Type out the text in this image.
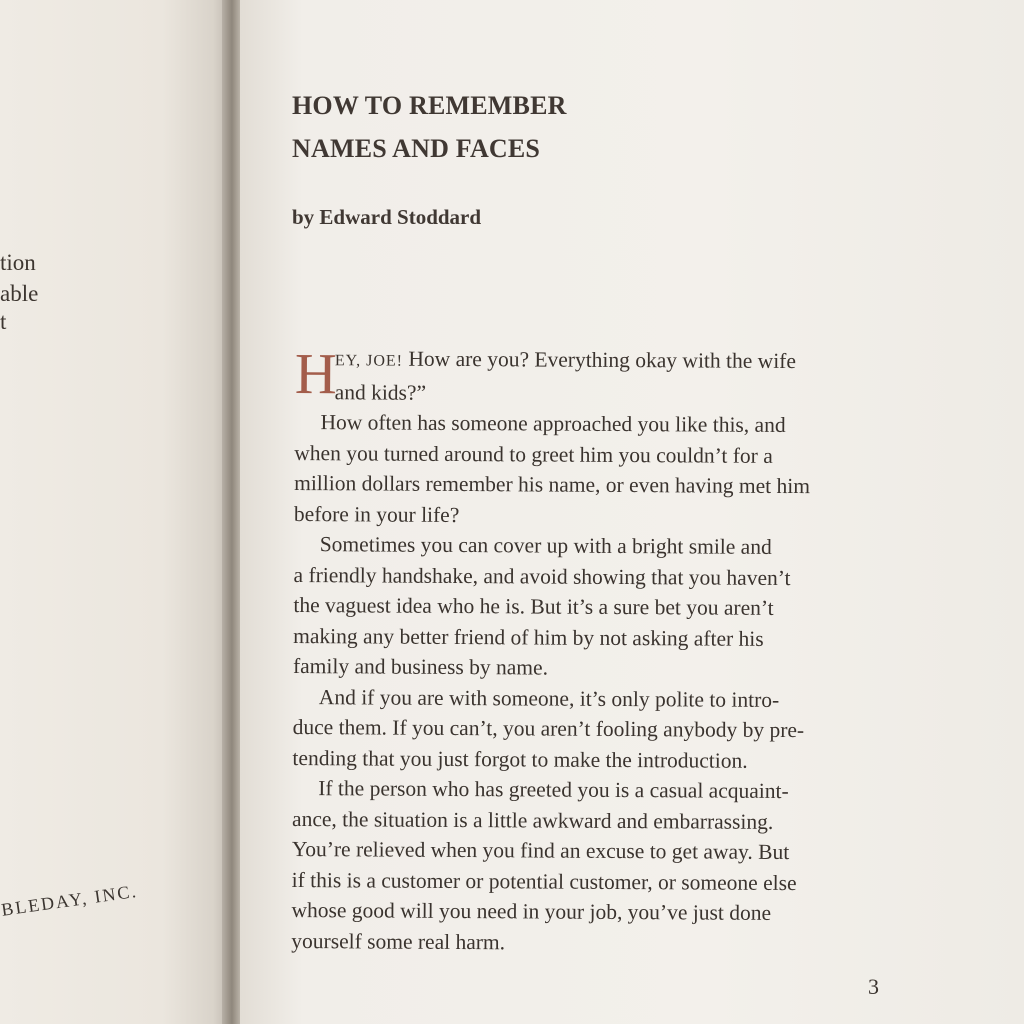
tion
able
t
BLEDAY, INC.
HOW TO REMEMBER
NAMES AND FACES
by Edward Stoddard
H
EY, JOE! How are you? Everything okay with the wife
and kids?”
How often has someone approached you like this, and
when you turned around to greet him you couldn’t for a
million dollars remember his name, or even having met him
before in your life?
Sometimes you can cover up with a bright smile and
a friendly handshake, and avoid showing that you haven’t
the vaguest idea who he is. But it’s a sure bet you aren’t
making any better friend of him by not asking after his
family and business by name.
And if you are with someone, it’s only polite to intro-
duce them. If you can’t, you aren’t fooling anybody by pre-
tending that you just forgot to make the introduction.
If the person who has greeted you is a casual acquaint-
ance, the situation is a little awkward and embarrassing.
You’re relieved when you find an excuse to get away. But
if this is a customer or potential customer, or someone else
whose good will you need in your job, you’ve just done
yourself some real harm.
3
